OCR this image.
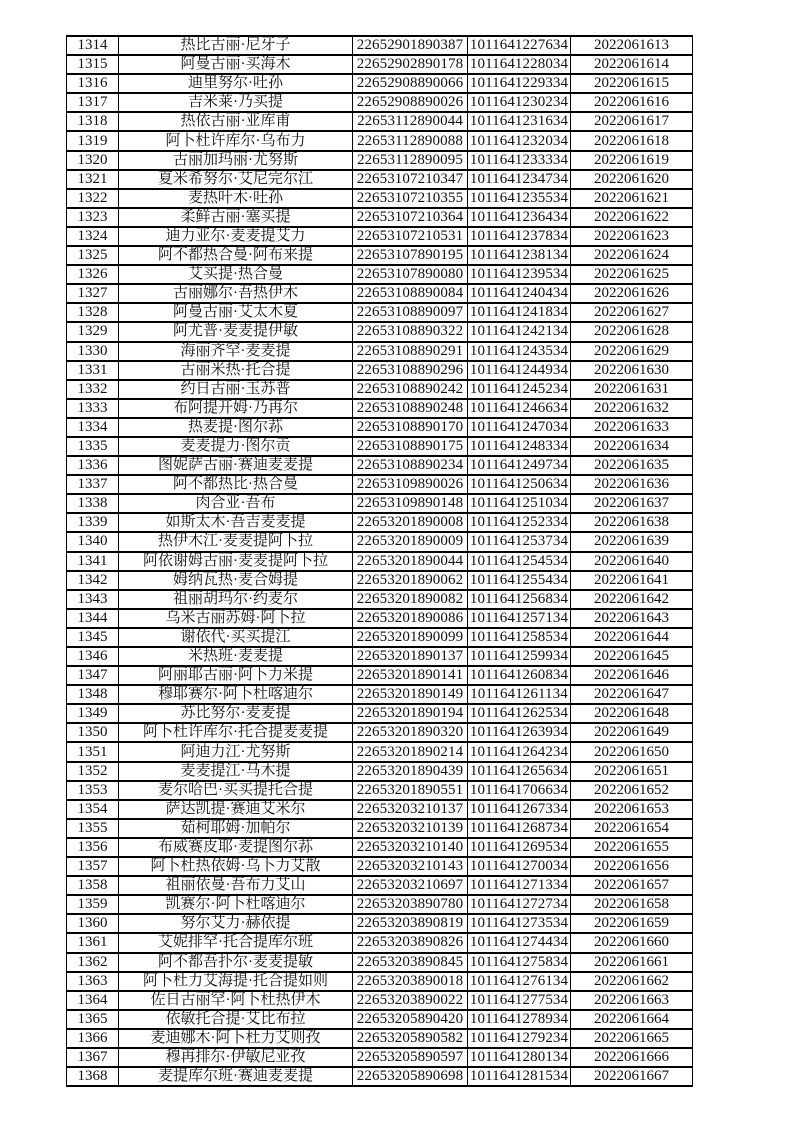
1314	热比古丽·尼牙子	22652901890387	1011641227634	2022061613
1315	阿曼古丽·买海木	22652902890178	1011641228034	2022061614
1316	迪里努尔·吐孙	22652908890066	1011641229334	2022061615
1317	吉米莱·乃买提	22652908890026	1011641230234	2022061616
1318	热依古丽·亚库甫	22653112890044	1011641231634	2022061617
1319	阿卜杜许库尔·乌布力	22653112890088	1011641232034	2022061618
1320	古丽加玛丽·尤努斯	22653112890095	1011641233334	2022061619
1321	夏米希努尔·艾尼完尔江	22653107210347	1011641234734	2022061620
1322	麦热叶木·吐孙	22653107210355	1011641235534	2022061621
1323	柔鲜古丽·塞买提	22653107210364	1011641236434	2022061622
1324	迪力亚尔·麦麦提艾力	22653107210531	1011641237834	2022061623
1325	阿不都热合曼·阿布来提	22653107890195	1011641238134	2022061624
1326	艾买提·热合曼	22653107890080	1011641239534	2022061625
1327	古丽娜尔·吾热伊木	22653108890084	1011641240434	2022061626
1328	阿曼古丽·艾太木夏	22653108890097	1011641241834	2022061627
1329	阿尤普·麦麦提伊敏	22653108890322	1011641242134	2022061628
1330	海丽齐罕·麦麦提	22653108890291	1011641243534	2022061629
1331	古丽米热·托合提	22653108890296	1011641244934	2022061630
1332	约日古丽·玉苏普	22653108890242	1011641245234	2022061631
1333	布阿提开姆·乃再尔	22653108890248	1011641246634	2022061632
1334	热麦提·图尔荪	22653108890170	1011641247034	2022061633
1335	麦麦提力·图尔贡	22653108890175	1011641248334	2022061634
1336	图妮萨古丽·赛迪麦麦提	22653108890234	1011641249734	2022061635
1337	阿不都热比·热合曼	22653109890026	1011641250634	2022061636
1338	肉合亚·吾布	22653109890148	1011641251034	2022061637
1339	如斯太木·吾吉麦麦提	22653201890008	1011641252334	2022061638
1340	热伊木江·麦麦提阿卜拉	22653201890009	1011641253734	2022061639
1341	阿依谢姆古丽·麦麦提阿卜拉	22653201890044	1011641254534	2022061640
1342	姆纳瓦热·麦合姆提	22653201890062	1011641255434	2022061641
1343	祖丽胡玛尔·约麦尔	22653201890082	1011641256834	2022061642
1344	乌米古丽苏姆·阿卜拉	22653201890086	1011641257134	2022061643
1345	谢依代·买买提江	22653201890099	1011641258534	2022061644
1346	米热班·麦麦提	22653201890137	1011641259934	2022061645
1347	阿丽耶古丽·阿卜力米提	22653201890141	1011641260834	2022061646
1348	穆耶赛尔·阿卜杜喀迪尔	22653201890149	1011641261134	2022061647
1349	苏比努尔·麦麦提	22653201890194	1011641262534	2022061648
1350	阿卜杜许库尔·托合提麦麦提	22653201890320	1011641263934	2022061649
1351	阿迪力江·尤努斯	22653201890214	1011641264234	2022061650
1352	麦麦提江·马木提	22653201890439	1011641265634	2022061651
1353	麦尔哈巴·买买提托合提	22653201890551	1011641706634	2022061652
1354	萨达凯提·赛迪艾米尔	22653203210137	1011641267334	2022061653
1355	茹柯耶姆·加帕尔	22653203210139	1011641268734	2022061654
1356	布威赛皮耶·麦提图尔荪	22653203210140	1011641269534	2022061655
1357	阿卜杜热依姆·乌卜力艾散	22653203210143	1011641270034	2022061656
1358	祖丽依曼·吾布力艾山	22653203210697	1011641271334	2022061657
1359	凯赛尔·阿卜杜喀迪尔	22653203890780	1011641272734	2022061658
1360	努尔艾力·赫依提	22653203890819	1011641273534	2022061659
1361	艾妮排罕·托合提库尔班	22653203890826	1011641274434	2022061660
1362	阿不都吾扑尔·麦麦提敏	22653203890845	1011641275834	2022061661
1363	阿卜杜力艾海提·托合提如则	22653203890018	1011641276134	2022061662
1364	佐日古丽罕·阿卜杜热伊木	22653203890022	1011641277534	2022061663
1365	依敏托合提·艾比布拉	22653205890420	1011641278934	2022061664
1366	麦迪娜木·阿卜杜力艾则孜	22653205890582	1011641279234	2022061665
1367	穆再排尔·伊敏尼亚孜	22653205890597	1011641280134	2022061666
1368	麦提库尔班·赛迪麦麦提	22653205890698	1011641281534	2022061667
